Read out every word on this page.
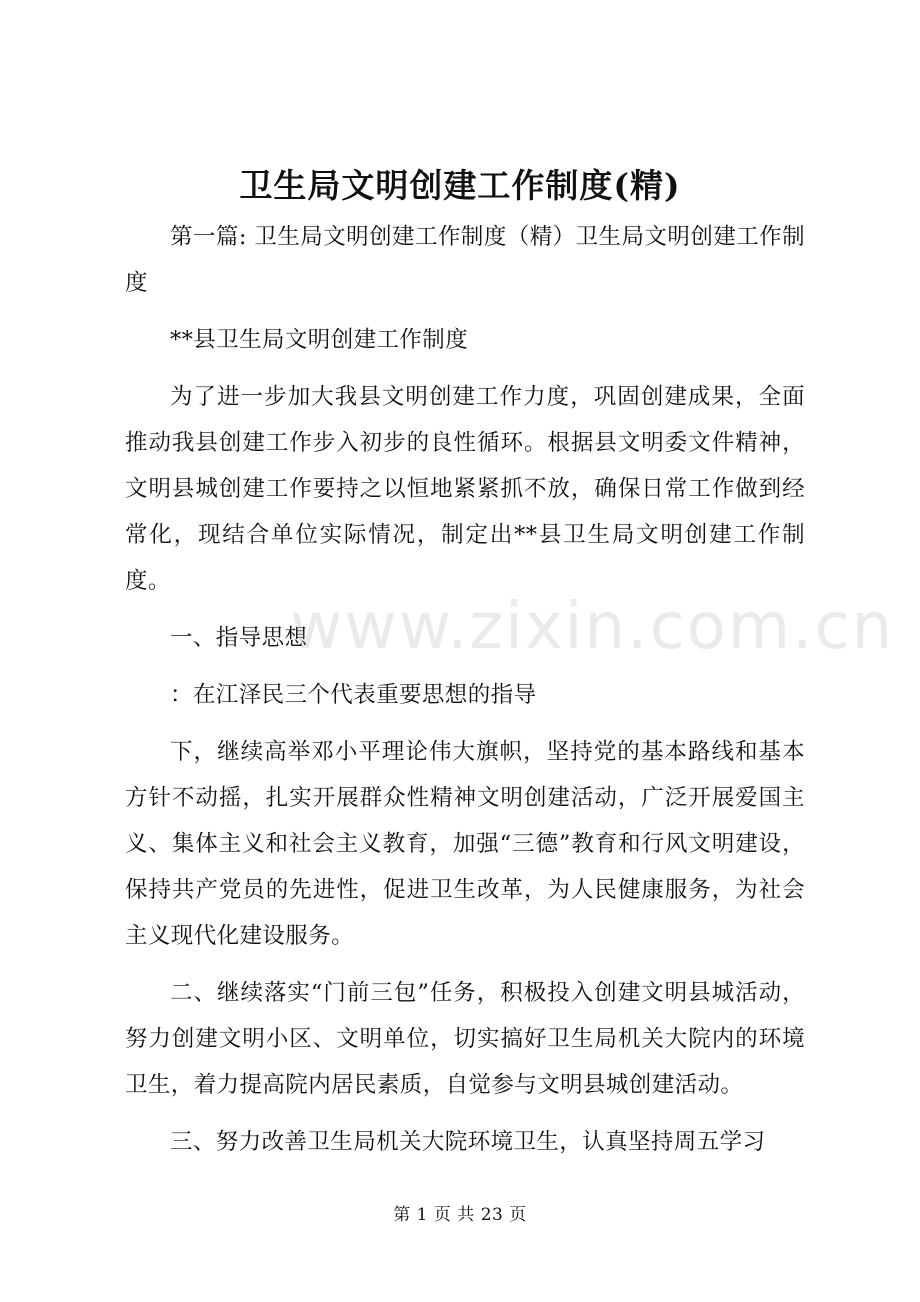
卫生局文明创建工作制度(精)

第一篇: 卫生局文明创建工作制度（精）卫生局文明创建工作制度

**县卫生局文明创建工作制度

为了进一步加大我县文明创建工作力度，巩固创建成果，全面推动我县创建工作步入初步的良性循环。根据县文明委文件精神，文明县城创建工作要持之以恒地紧紧抓不放，确保日常工作做到经常化，现结合单位实际情况，制定出**县卫生局文明创建工作制度。

一、指导思想

：在江泽民三个代表重要思想的指导

下，继续高举邓小平理论伟大旗帜，坚持党的基本路线和基本方针不动摇，扎实开展群众性精神文明创建活动，广泛开展爱国主义、集体主义和社会主义教育，加强“三德”教育和行风文明建设，保持共产党员的先进性，促进卫生改革，为人民健康服务，为社会主义现代化建设服务。

二、继续落实“门前三包”任务，积极投入创建文明县城活动，努力创建文明小区、文明单位，切实搞好卫生局机关大院内的环境卫生，着力提高院内居民素质，自觉参与文明县城创建活动。

三、努力改善卫生局机关大院环境卫生，认真坚持周五学习

www.zixin.com.cn
第 1 页 共 23 页
